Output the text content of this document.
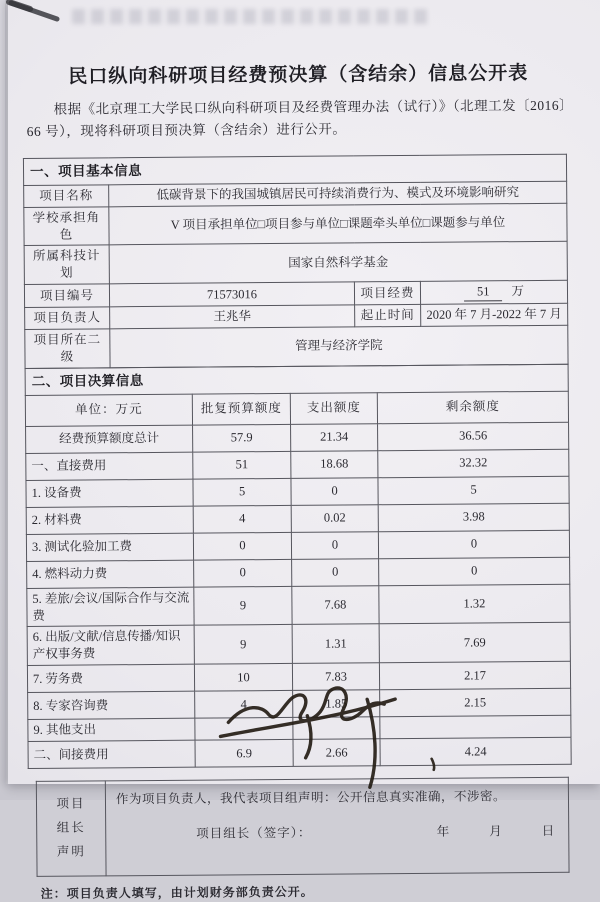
民口纵向科研项目经费预决算（含结余）信息公开表

根据《北京理工大学民口纵向科研项目及经费管理办法（试行）》（北理工发〔2016〕66 号），现将科研项目预决算（含结余）进行公开。

一、项目基本信息			
项目名称	低碳背景下的我国城镇居民可持续消费行为、模式及环境影响研究		
学校承担角色	V 项目承担单位□项目参与单位□课题牵头单位□课题参与单位		
所属科技计划	国家自然科学基金		
项目编号	71573016	项目经费	51 万
项目负责人	王兆华	起止时间	2020 年 7 月-2022 年 7 月
项目所在二级	管理与经济学院		
二、项目决算信息			
单位：万元	批复预算额度	支出额度	剩余额度
经费预算额度总计	57.9	21.34	36.56
一、直接费用	51	18.68	32.32
1. 设备费	5	0	5
2. 材料费	4	0.02	3.98
3. 测试化验加工费	0	0	0
4. 燃料动力费	0	0	0
5. 差旅/会议/国际合作与交流费	9	7.68	1.32
6. 出版/文献/信息传播/知识产权事务费	9	1.31	7.69
7. 劳务费	10	7.83	2.17
8. 专家咨询费	4	1.85	2.15
9. 其他支出			
二、间接费用	6.9	2.66	4.24
项目
组长
声明

作为项目负责人，我代表项目组声明：公开信息真实准确，不涉密。
项目组长（签字）：	年	月	日
注：项目负责人填写，由计划财务部负责公开。
